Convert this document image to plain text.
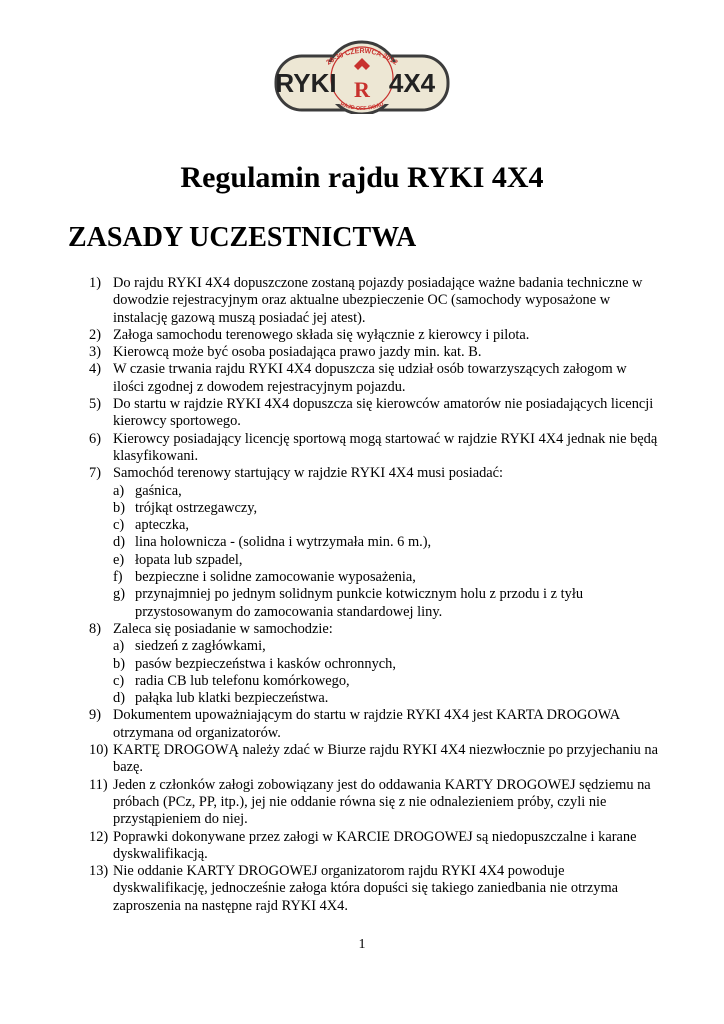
29-30 CZERWCA 2012
RYKI R 4X4
RAJD OFF-ROAD
Regulamin rajdu RYKI 4X4
ZASADY UCZESTNICTWA
1) Do rajdu RYKI 4X4 dopuszczone zostaną pojazdy posiadające ważne badania techniczne w dowodzie rejestracyjnym oraz aktualne ubezpieczenie OC (samochody wyposażone w instalację gazową muszą posiadać jej atest).
2) Załoga samochodu terenowego składa się wyłącznie z kierowcy i pilota.
3) Kierowcą może być osoba posiadająca prawo jazdy min. kat. B.
4) W czasie trwania rajdu RYKI 4X4 dopuszcza się udział osób towarzyszących załogom w ilości zgodnej z dowodem rejestracyjnym pojazdu.
5) Do startu w rajdzie RYKI 4X4 dopuszcza się kierowców amatorów nie posiadających licencji kierowcy sportowego.
6) Kierowcy posiadający licencję sportową mogą startować w rajdzie RYKI 4X4 jednak nie będą klasyfikowani.
7) Samochód terenowy startujący w rajdzie RYKI 4X4 musi posiadać:
a) gaśnica,
b) trójkąt ostrzegawczy,
c) apteczka,
d) lina holownicza - (solidna i wytrzymała min. 6 m.),
e) łopata lub szpadel,
f) bezpieczne i solidne zamocowanie wyposażenia,
g) przynajmniej po jednym solidnym punkcie kotwicznym holu z przodu i z tyłu przystosowanym do zamocowania standardowej liny.
8) Zaleca się posiadanie w samochodzie:
a) siedzeń z zagłówkami,
b) pasów bezpieczeństwa i kasków ochronnych,
c) radia CB lub telefonu komórkowego,
d) pałąka lub klatki bezpieczeństwa.
9) Dokumentem upoważniającym do startu w rajdzie RYKI 4X4 jest KARTA DROGOWA otrzymana od organizatorów.
10) KARTĘ DROGOWĄ należy zdać w Biurze rajdu RYKI 4X4 niezwłocznie po przyjechaniu na bazę.
11) Jeden z członków załogi zobowiązany jest do oddawania KARTY DROGOWEJ sędziemu na próbach (PCz, PP, itp.), jej nie oddanie równa się z nie odnalezieniem próby, czyli nie przystąpieniem do niej.
12) Poprawki dokonywane przez załogi w KARCIE DROGOWEJ są niedopuszczalne i karane dyskwalifikacją.
13) Nie oddanie KARTY DROGOWEJ organizatorom rajdu RYKI 4X4 powoduje dyskwalifikację, jednocześnie załoga która dopuści się takiego zaniedbania nie otrzyma zaproszenia na następne rajd RYKI 4X4.
1
